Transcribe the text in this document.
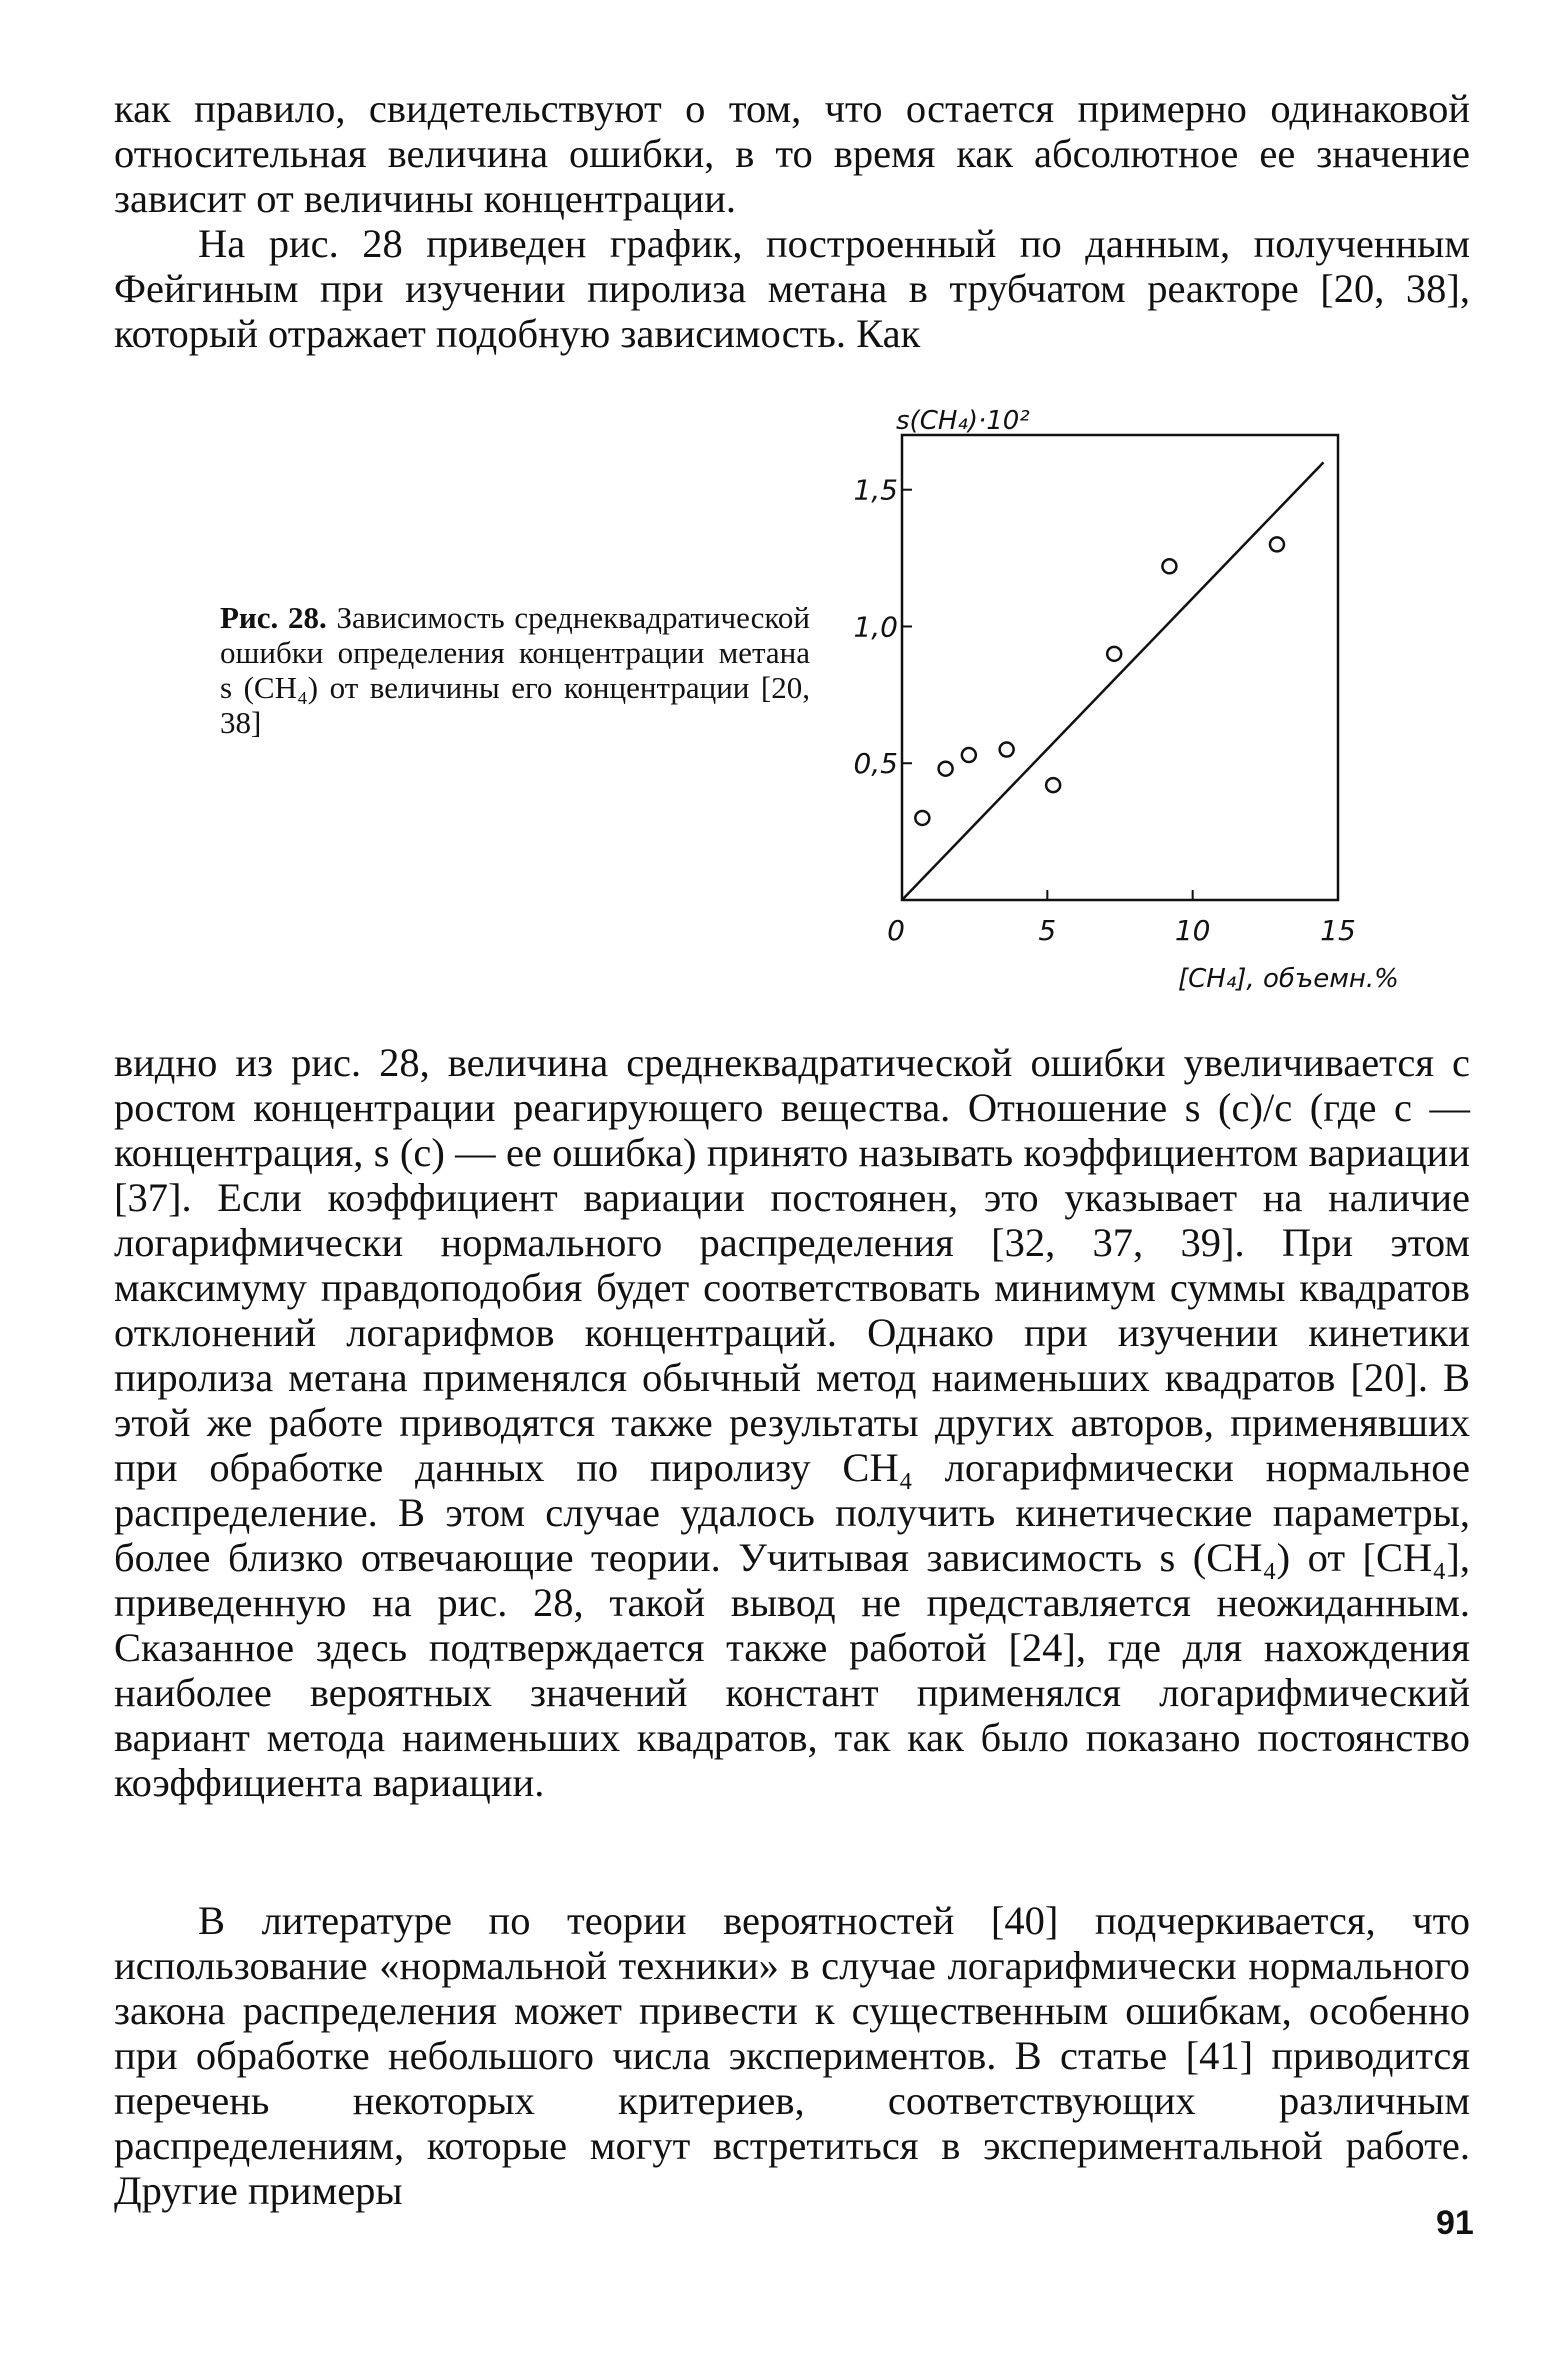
как правило, свидетельствуют о том, что остается примерно одинаковой относительная величина ошибки, в то время как абсолютное ее значение зависит от величины концентрации.

На рис. 28 приведен график, построенный по данным, полученным Фейгиным при изучении пиролиза метана в трубчатом реакторе [20, 38], который отражает подобную зависимость. Как

Рис. 28. Зависимость среднеквадратической ошибки определения концентрации метана s (CH₄) от величины его концентрации [20, 38]

s(CH₄)·10²
[CH₄], объемн.%
0,5
1,0
1,5
0	5	10	15

видно из рис. 28, величина среднеквадратической ошибки увеличивается с ростом концентрации реагирующего вещества. Отношение s (c)/c (где c — концентрация, s (c) — ее ошибка) принято называть коэффициентом вариации [37]. Если коэффициент вариации постоянен, это указывает на наличие логарифмически нормального распределения [32, 37, 39]. При этом максимуму правдоподобия будет соответствовать минимум суммы квадратов отклонений логарифмов концентраций. Однако при изучении кинетики пиролиза метана применялся обычный метод наименьших квадратов [20]. В этой же работе приводятся также результаты других авторов, применявших при обработке данных по пиролизу CH₄ логарифмически нормальное распределение. В этом случае удалось получить кинетические параметры, более близко отвечающие теории. Учитывая зависимость s (CH₄) от [CH₄], приведенную на рис. 28, такой вывод не представляется неожиданным. Сказанное здесь подтверждается также работой [24], где для нахождения наиболее вероятных значений констант применялся логарифмический вариант метода наименьших квадратов, так как было показано постоянство коэффициента вариации.

В литературе по теории вероятностей [40] подчеркивается, что использование «нормальной техники» в случае логарифмически нормального закона распределения может привести к существенным ошибкам, особенно при обработке небольшого числа экспериментов. В статье [41] приводится перечень некоторых критериев, соответствующих различным распределениям, которые могут встретиться в экспериментальной работе. Другие примеры

91
